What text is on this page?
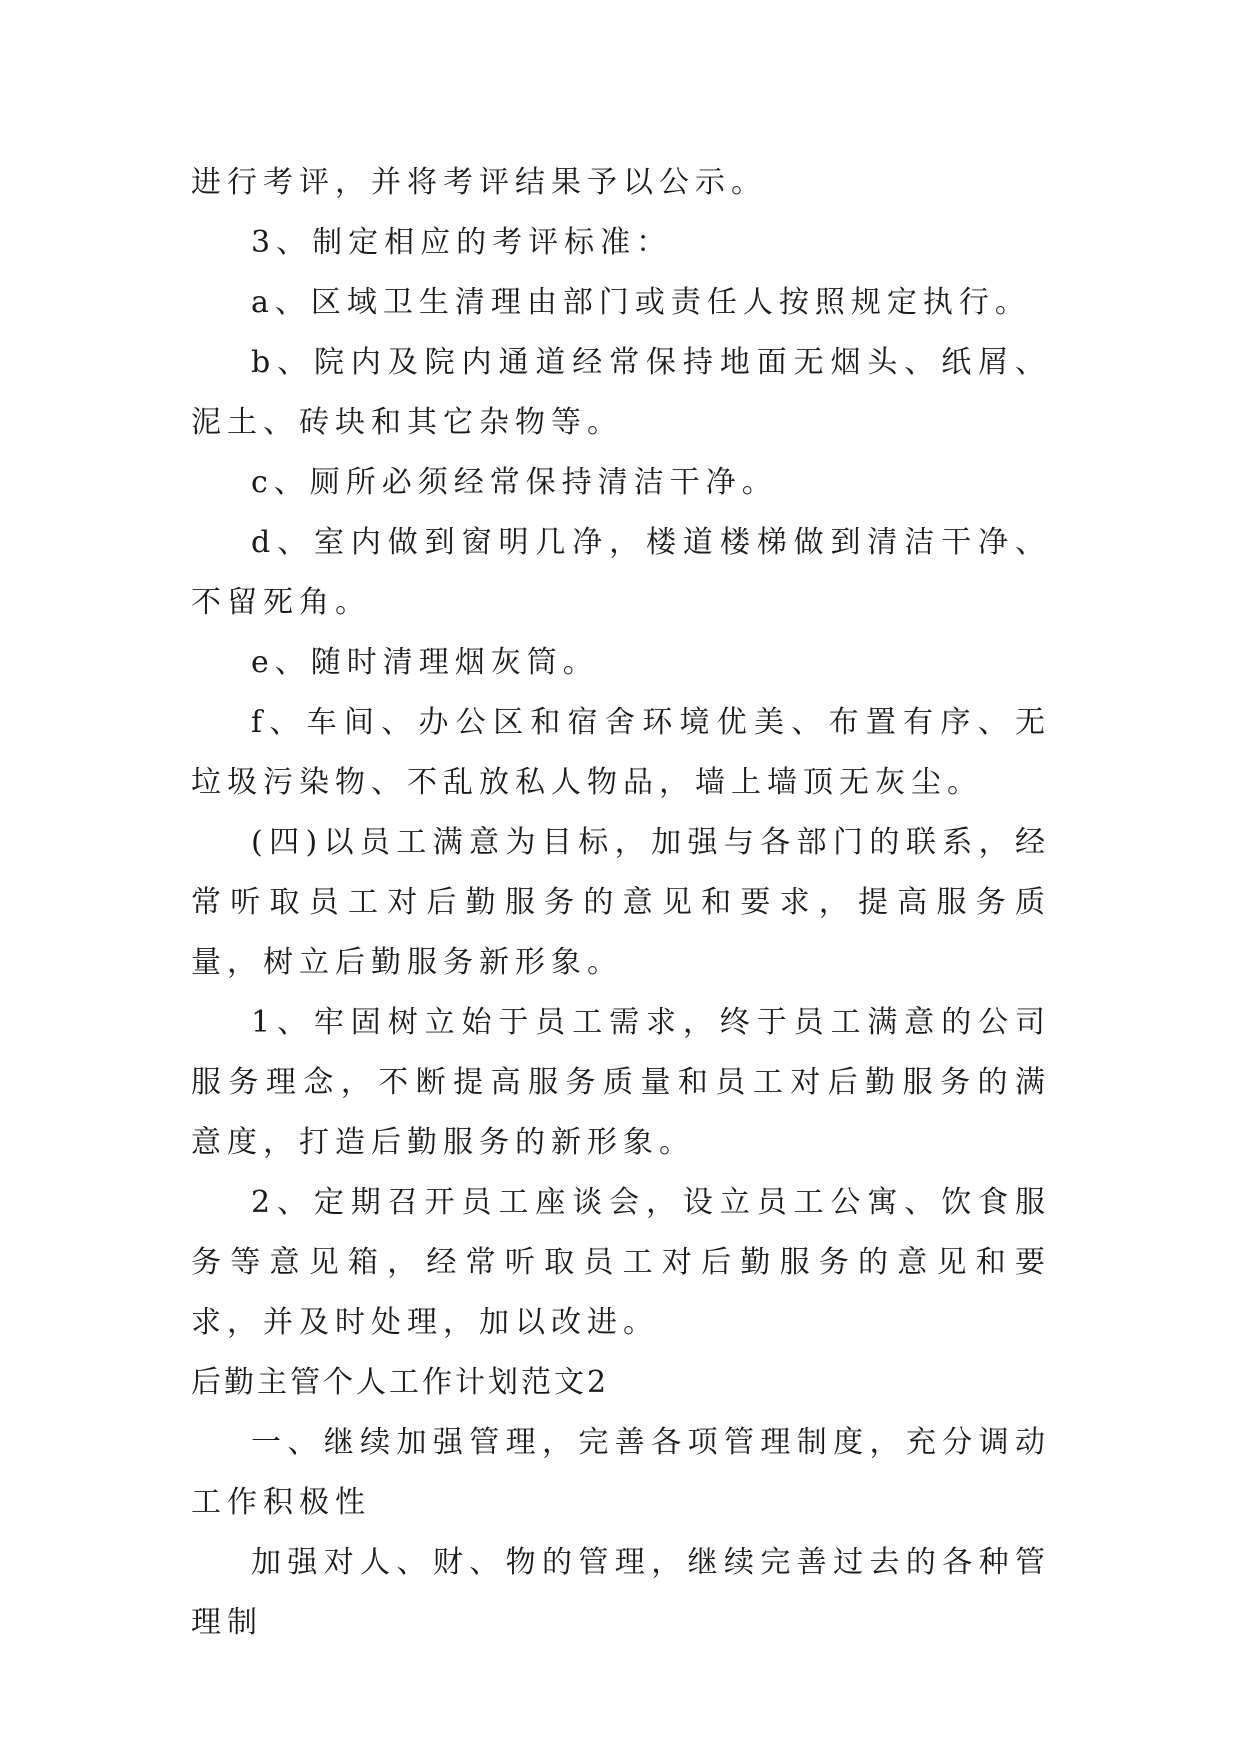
进行考评，并将考评结果予以公示。

3、制定相应的考评标准：

a、区域卫生清理由部门或责任人按照规定执行。

b、院内及院内通道经常保持地面无烟头、纸屑、泥土、砖块和其它杂物等。

c、厕所必须经常保持清洁干净。

d、室内做到窗明几净，楼道楼梯做到清洁干净、不留死角。

e、随时清理烟灰筒。

f、车间、办公区和宿舍环境优美、布置有序、无垃圾污染物、不乱放私人物品，墙上墙顶无灰尘。

(四)以员工满意为目标，加强与各部门的联系，经常听取员工对后勤服务的意见和要求，提高服务质量，树立后勤服务新形象。

1、牢固树立始于员工需求，终于员工满意的公司服务理念，不断提高服务质量和员工对后勤服务的满意度，打造后勤服务的新形象。

2、定期召开员工座谈会，设立员工公寓、饮食服务等意见箱，经常听取员工对后勤服务的意见和要求，并及时处理，加以改进。

后勤主管个人工作计划范文2

一、继续加强管理，完善各项管理制度，充分调动工作积极性

加强对人、财、物的管理，继续完善过去的各种管理制
